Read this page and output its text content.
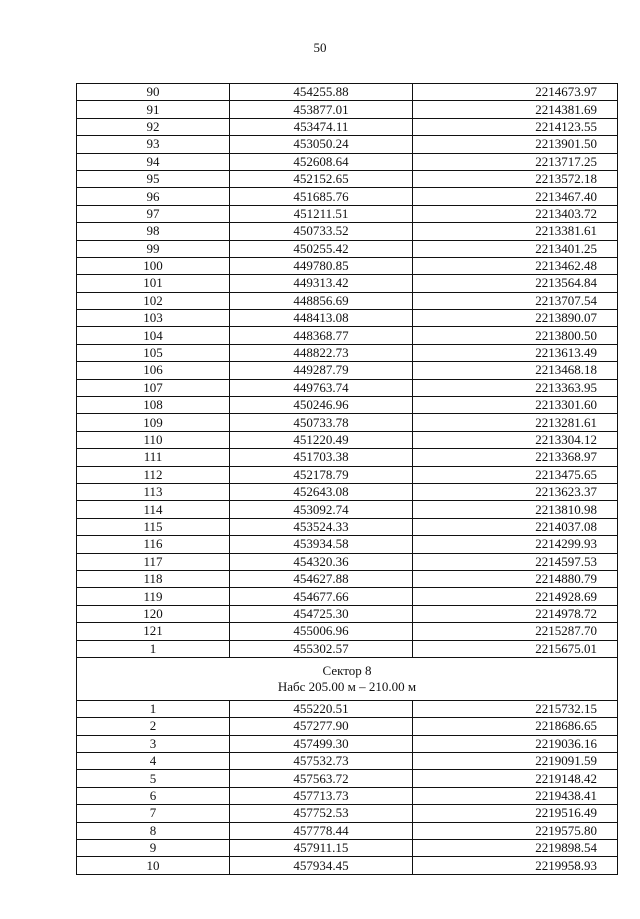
50
90	454255.88	2214673.97
91	453877.01	2214381.69
92	453474.11	2214123.55
93	453050.24	2213901.50
94	452608.64	2213717.25
95	452152.65	2213572.18
96	451685.76	2213467.40
97	451211.51	2213403.72
98	450733.52	2213381.61
99	450255.42	2213401.25
100	449780.85	2213462.48
101	449313.42	2213564.84
102	448856.69	2213707.54
103	448413.08	2213890.07
104	448368.77	2213800.50
105	448822.73	2213613.49
106	449287.79	2213468.18
107	449763.74	2213363.95
108	450246.96	2213301.60
109	450733.78	2213281.61
110	451220.49	2213304.12
111	451703.38	2213368.97
112	452178.79	2213475.65
113	452643.08	2213623.37
114	453092.74	2213810.98
115	453524.33	2214037.08
116	453934.58	2214299.93
117	454320.36	2214597.53
118	454627.88	2214880.79
119	454677.66	2214928.69
120	454725.30	2214978.72
121	455006.96	2215287.70
1	455302.57	2215675.01

Сектор 8
Набс 205.00 м – 210.00 м		

1	455220.51	2215732.15
2	457277.90	2218686.65
3	457499.30	2219036.16
4	457532.73	2219091.59
5	457563.72	2219148.42
6	457713.73	2219438.41
7	457752.53	2219516.49
8	457778.44	2219575.80
9	457911.15	2219898.54
10	457934.45	2219958.93
